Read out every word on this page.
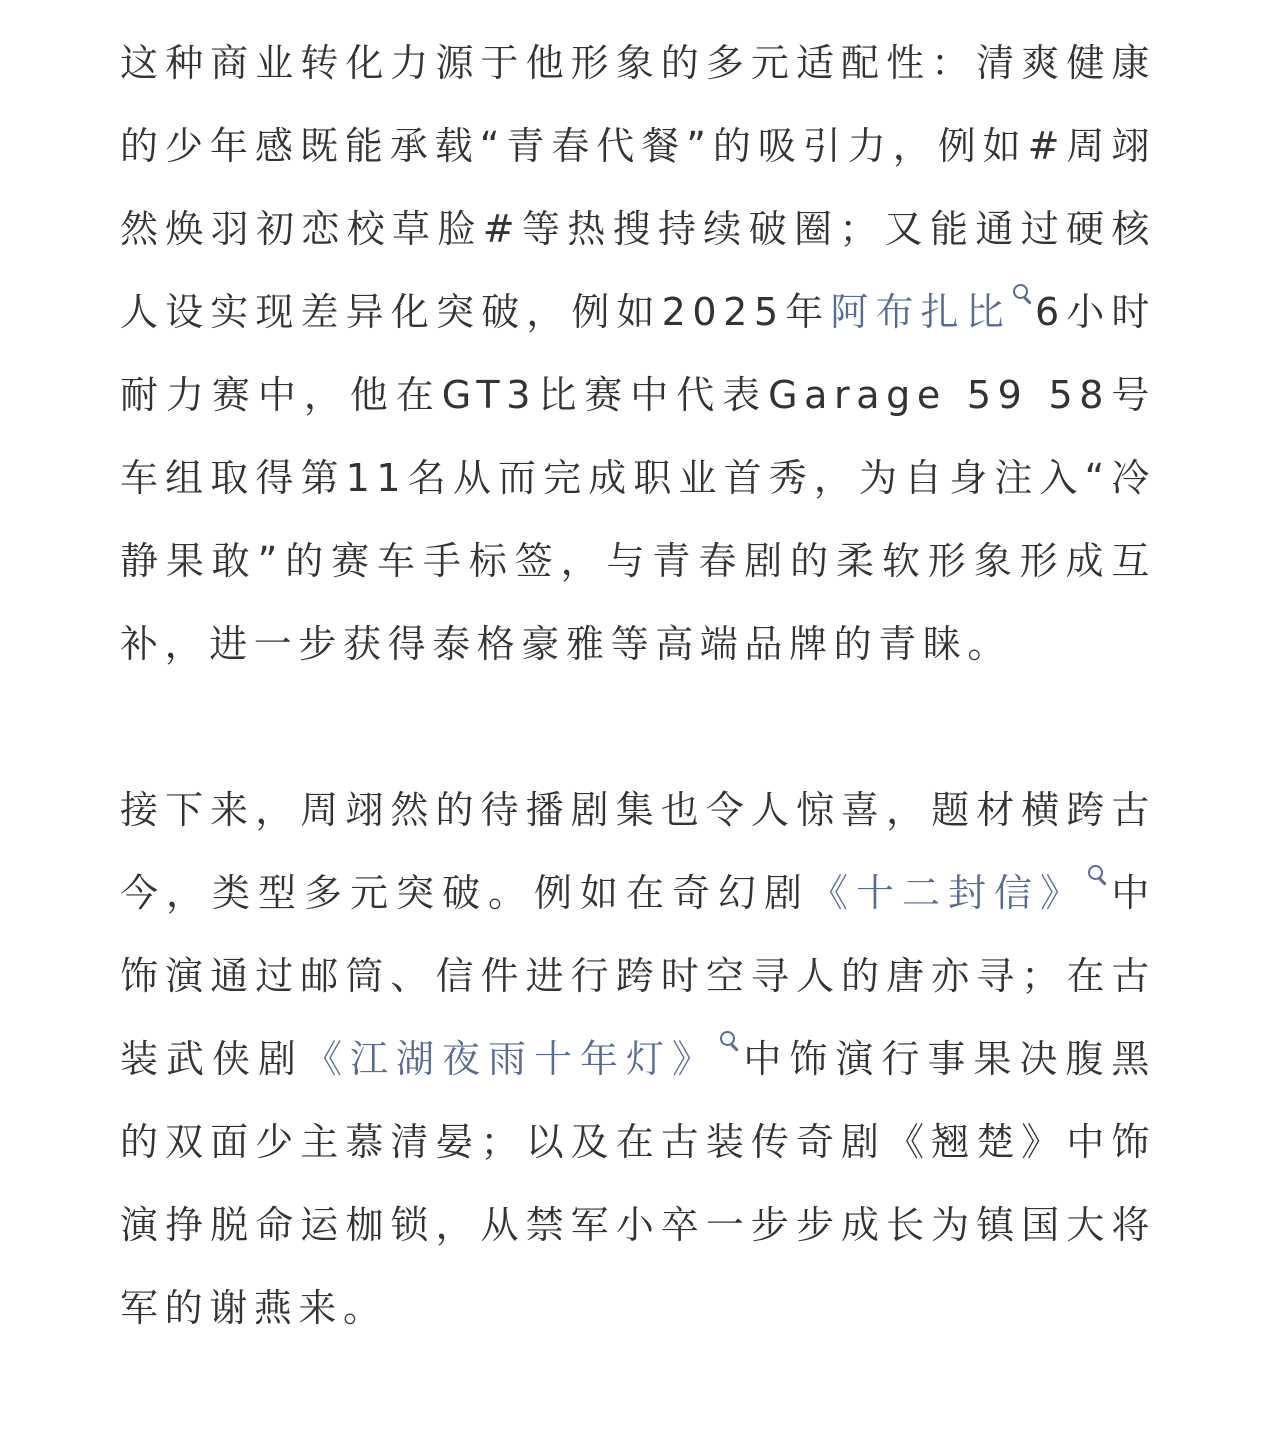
这种商业转化力源于他形象的多元适配性：清爽健康的少年感既能承载“青春代餐”的吸引力，例如#周翊然焕羽初恋校草脸#等热搜持续破圈；又能通过硬核人设实现差异化突破，例如2025年阿布扎比 6小时耐力赛中，他在GT3比赛中代表Garage 59 58号车组取得第11名从而完成职业首秀，为自身注入“冷静果敢”的赛车手标签，与青春剧的柔软形象形成互补，进一步获得泰格豪雅等高端品牌的青睐。

接下来，周翊然的待播剧集也令人惊喜，题材横跨古今，类型多元突破。例如在奇幻剧《十二封信》 中饰演通过邮筒、信件进行跨时空寻人的唐亦寻；在古装武侠剧《江湖夜雨十年灯》 中饰演行事果决腹黑的双面少主慕清晏；以及在古装传奇剧《翘楚》中饰演挣脱命运枷锁，从禁军小卒一步步成长为镇国大将军的谢燕来。
